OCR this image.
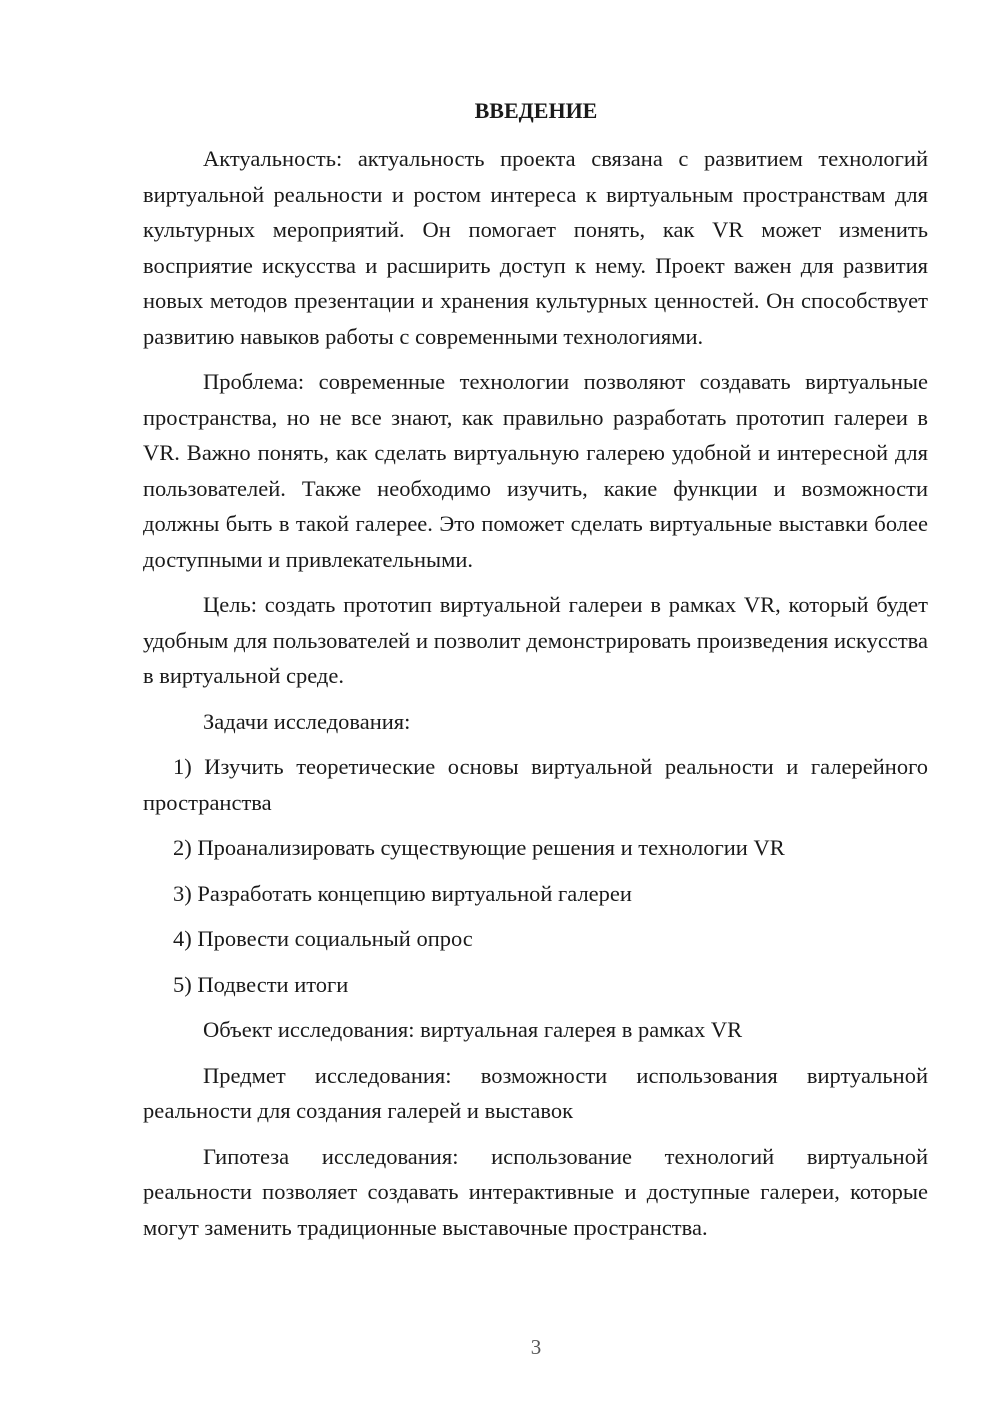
ВВЕДЕНИЕ

Актуальность: актуальность проекта связана с развитием технологий виртуальной реальности и ростом интереса к виртуальным пространствам для культурных мероприятий. Он помогает понять, как VR может изменить восприятие искусства и расширить доступ к нему. Проект важен для развития новых методов презентации и хранения культурных ценностей. Он способствует развитию навыков работы с современными технологиями.

Проблема: современные технологии позволяют создавать виртуальные пространства, но не все знают, как правильно разработать прототип галереи в VR. Важно понять, как сделать виртуальную галерею удобной и интересной для пользователей. Также необходимо изучить, какие функции и возможности должны быть в такой галерее. Это поможет сделать виртуальные выставки более доступными и привлекательными.

Цель: создать прототип виртуальной галереи в рамках VR, который будет удобным для пользователей и позволит демонстрировать произведения искусства в виртуальной среде.

Задачи исследования:

1) Изучить теоретические основы виртуальной реальности и галерейного пространства

2) Проанализировать существующие решения и технологии VR

3) Разработать концепцию виртуальной галереи

4) Провести социальный опрос

5) Подвести итоги

Объект исследования: виртуальная галерея в рамках VR

Предмет исследования: возможности использования виртуальной реальности для создания галерей и выставок

Гипотеза исследования: использование технологий виртуальной реальности позволяет создавать интерактивные и доступные галереи, которые могут заменить традиционные выставочные пространства.

3
